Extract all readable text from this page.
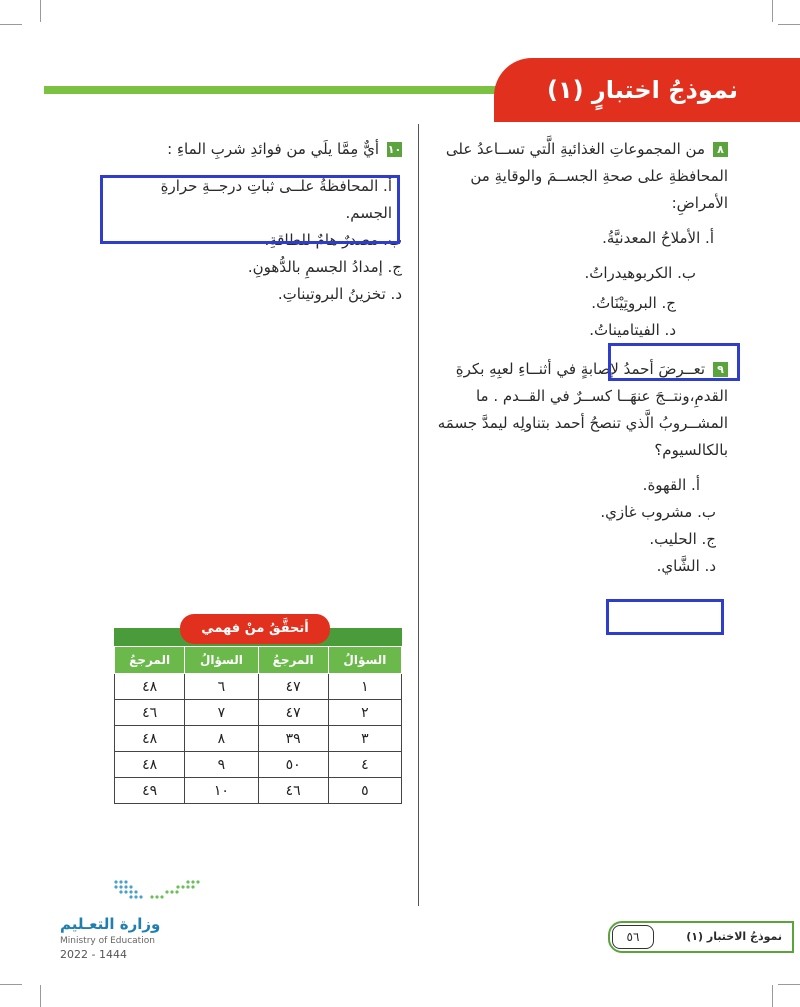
نموذجُ اختبارٍ (١)
٨من المجموعاتِ الغذائيةِ الَّتي تســاعدُ على المحافظةِ على صحةِ الجســمَ والوقايةِ من الأمراضِ:
أ. الأملاحُ المعدنيَّةُ.
ب. الكربوهيدراتُ.
ج. البروتِيْنَاتُ.
د. الفيتاميناتُ.
٩تعــرضَ أحمدُ لإصابةٍ في أثنــاءِ لعبِهِ بكرةِ القدمِ،ونتــجَ عنهَــا كســرٌ في القــدم . ما المشــروبُ الَّذي تنصحُ أحمد بتناولِه ليمدَّ جسمَه بالكالسيوم؟
أ. القهوة.
ب. مشروب غازي.
ج. الحليب.
د. الشَّاي.
١٠أيٌّ مِمَّا يلَي من فوائدِ شربِ الماءِ :
أ. المحافظةُ علــى ثباتِ درجــةِ حرارةِ الجسم.
ب. مصدرٌ هامٌ للطاقةِ.
ج. إمدادُ الجسمِ بالدُّهونِ.
د. تخزينُ البروتيناتِ.
أتحقَّقُ منْ فهمي
السؤالُ	المرجعُ	السؤالُ	المرجعُ
١	٤٧	٦	٤٨
٢	٤٧	٧	٤٦
٣	٣٩	٨	٤٨
٤	٥٠	٩	٤٨
٥	٤٦	١٠	٤٩
وزارة التعـليم
Ministry of Education
2022 - 1444
٥٦	نموذجُ الاختبار (١)
